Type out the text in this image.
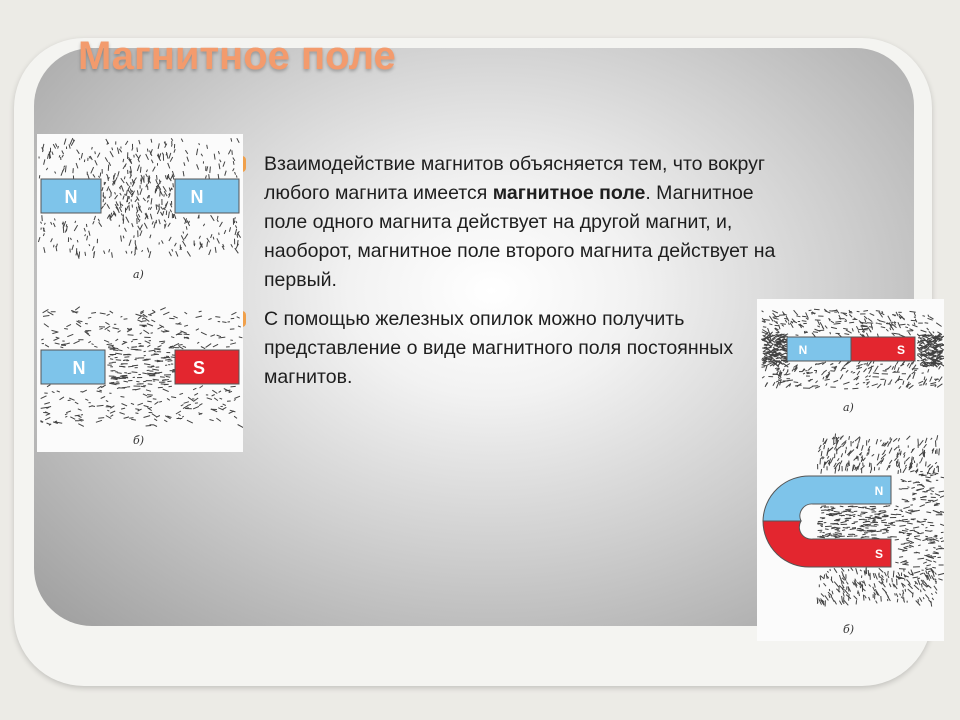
Магнитное поле
Взаимодействие магнитов объясняется тем, что вокруг любого магнита имеется магнитное поле. Магнитное поле одного магнита действует на другой магнит, и, наоборот, магнитное поле второго магнита действует на первый.
С помощью железных опилок можно получить представление о виде магнитного поля постоянных магнитов.
N	N
N	S
а)
б)
N	S
N
S
а)
б)
